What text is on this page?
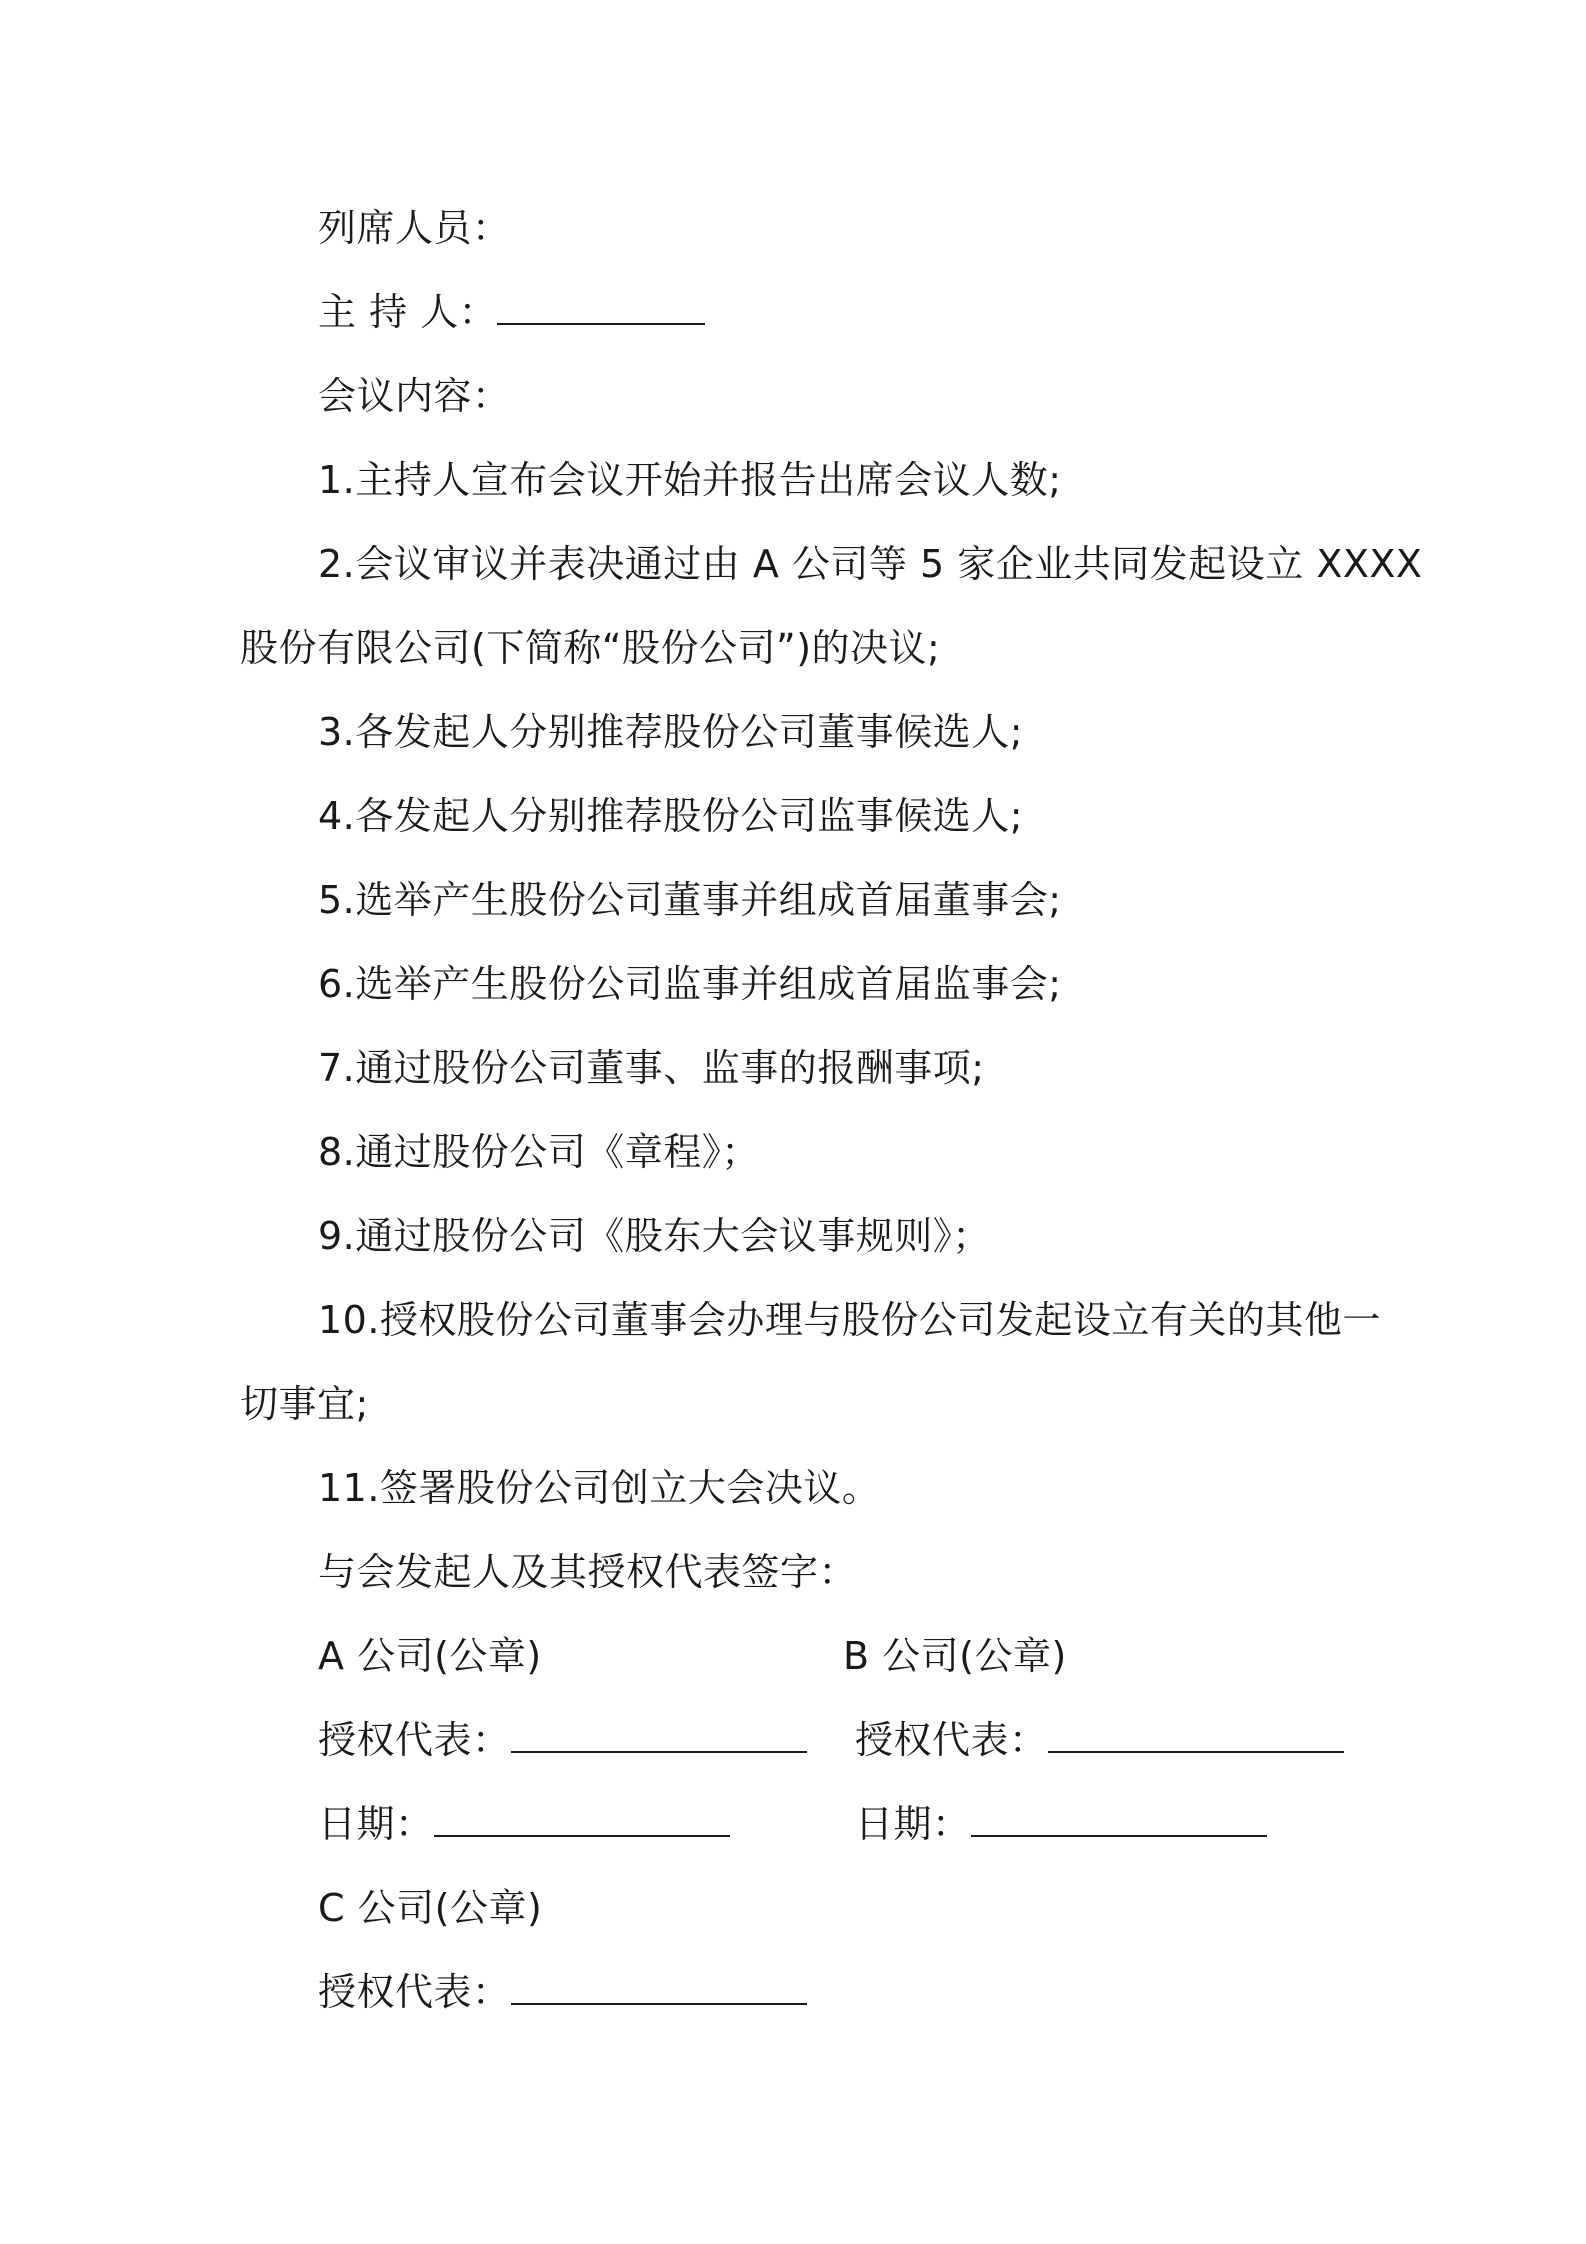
列席人员：
主 持 人：
会议内容：
1.主持人宣布会议开始并报告出席会议人数;
2.会议审议并表决通过由 A 公司等 5 家企业共同发起设立 XXXX
股份有限公司(下简称“股份公司”)的决议;
3.各发起人分别推荐股份公司董事候选人;
4.各发起人分别推荐股份公司监事候选人;
5.选举产生股份公司董事并组成首届董事会;
6.选举产生股份公司监事并组成首届监事会;
7.通过股份公司董事、监事的报酬事项;
8.通过股份公司《章程》；
9.通过股份公司《股东大会议事规则》；
10.授权股份公司董事会办理与股份公司发起设立有关的其他一
切事宜;
11.签署股份公司创立大会决议。
与会发起人及其授权代表签字：
A 公司(公章)	B 公司(公章)
授权代表：	授权代表：
日期：	日期：
C 公司(公章)
授权代表：
